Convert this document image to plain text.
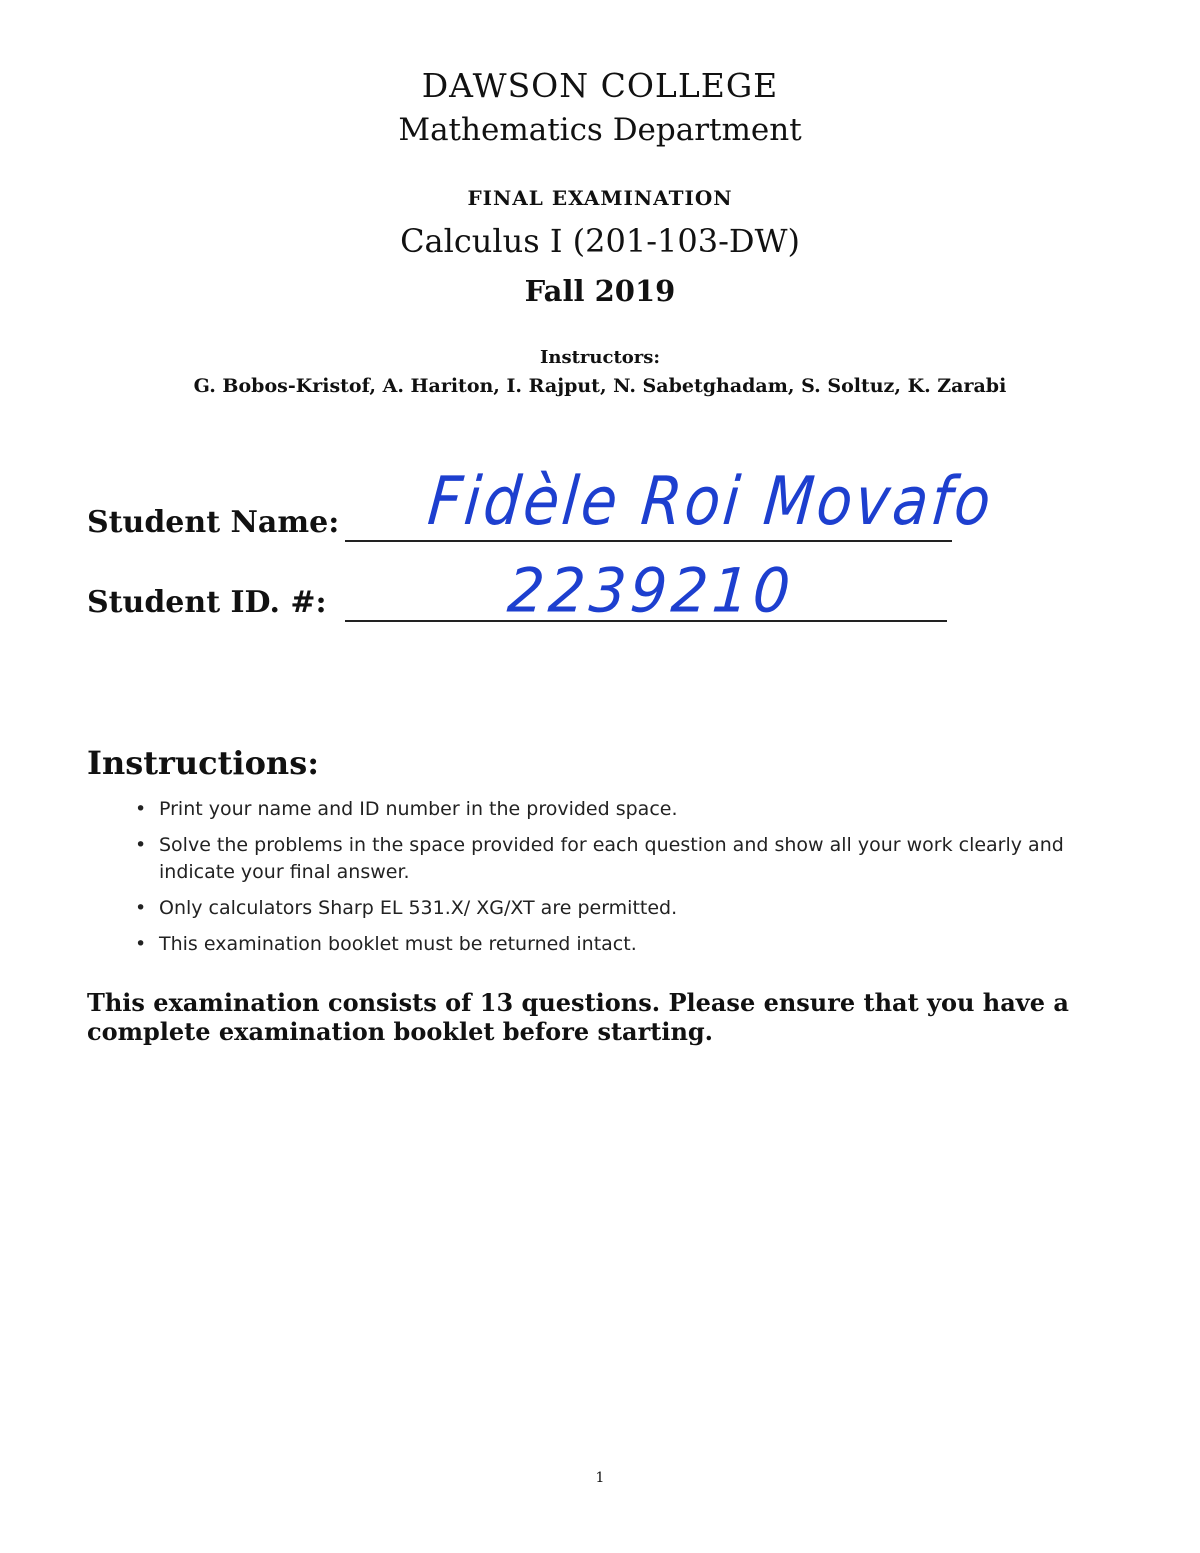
DAWSON COLLEGE
Mathematics Department
FINAL EXAMINATION
Calculus I (201-103-DW)
Fall 2019
Instructors:
G. Bobos-Kristof, A. Hariton, I. Rajput, N. Sabetghadam, S. Soltuz, K. Zarabi
Student Name: Fidèle Roi Movafo
Student ID. #:	2239210
Instructions:
• Print your name and ID number in the provided space.
• Solve the problems in the space provided for each question and show all your work clearly and indicate your final answer.
• Only calculators Sharp EL 531.X/ XG/XT are permitted.
• This examination booklet must be returned intact.
This examination consists of 13 questions. Please ensure that you have a complete examination booklet before starting.
1
